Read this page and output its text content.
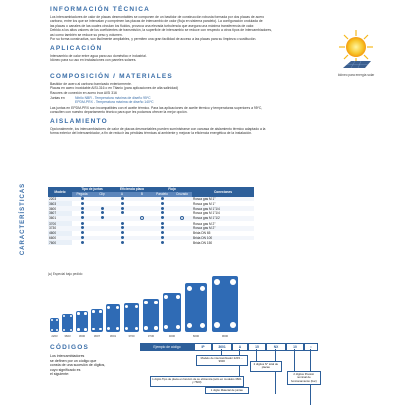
INFORMACIÓN TÉCNICA
Los intercambiadores de calor de placas desmontables se componen de un bastidor de construcción robusta formada por dos placas de acero
carbono, entre los que se intercalan y comprimen las placas de intercambio de calor (fluja en sistema paralelo). La configuración ondulada de
las placas o canales de las cuales circulan los fluidos, provoca una elevada turbulencia que asegura una máxima transferencia de calor.
Debido a los altos valores de los coeficientes de transmisión, la superficie de intercambio se reduce con respecto a otros tipos de intercambiadores,
así como también se reduce su peso y volumen.
Por su forma constructiva, son fácilmente ampliables, y permiten una gran facilidad de acceso a las placas para su limpieza o sustitución.
APLICACIÓN
Intercambio de calor entre agua para uso doméstico e industrial.
Idóneo para su uso en instalaciones con paneles solares.
Idóneo para energía solar
COMPOSICIÓN / MATERIALES
Bastidor de acero al carbono barnizado exteriormente.
Placas en acero inoxidable AISI-316 o en Titanio (para aplicaciones de alta salinidad)
Racores de conexión en acero inox AISI 316
Juntas en	Nitrilo NBR - Temperatura máxima de diseño 95ºC
EPDM-PRX - Temperatura máxima de diseño 140ºC
Las juntas en EPDM-PRX son incompatibles con el aceite térmico. Para las aplicaciones de aceite térmico y temperaturas superiores a 95ºC,
consulten con nuestro departamento técnico para que les podamos ofrecer la mejor opción.
AISLAMIENTO
Opcionalmente, los intercambiadores de calor de placas desmontables pueden suministrarse con carcasa de aislamiento térmico adaptado a la
forma exterior del intercambiador, a fin de reducir las pérdidas térmicas al ambiente y mejorar la eficiencia energética de la instalación.
CARACTERÍSTICAS	Modelo	Tipo de juntas		Eficiencia placa		Flujo		Conexiones
	Pegada	Clip	A	B	Paralelo	Cruzado	
2203							Rosca gas M 1"
3603							Rosca gas M 1"
3600							Rosca gas M 1"1/4
3607							Rosca gas M 1"1/4
3601							Rosca gas M 1"1/2
3700							Rosca gas M 2"
3730							Rosca gas M 2"
4600							Brida DN 65
6600							Brida DN 100
7600							Brida DN 150
(●) Especial bajo pedido
2203	3603	3600	3607	3601	3700	3730	4600	6600	9600
CÓDIGOS
Los intercambiadores
se definen por un código que
consta de una sucesión de dígitos,
cuyo significado es
el siguiente:
Ejemplo de código	IP	3601	A	15	NX	10	•
Modelo de intercambiador 2203 ... 9600
2 dígitos N° total de placas
1 dígito Tipo de placa en función de su eficiencia (sólo en modelos 3601 y 7600)
1 dígito Material de juntas
2 dígitos Presión nominal de funcionamiento (bar)
